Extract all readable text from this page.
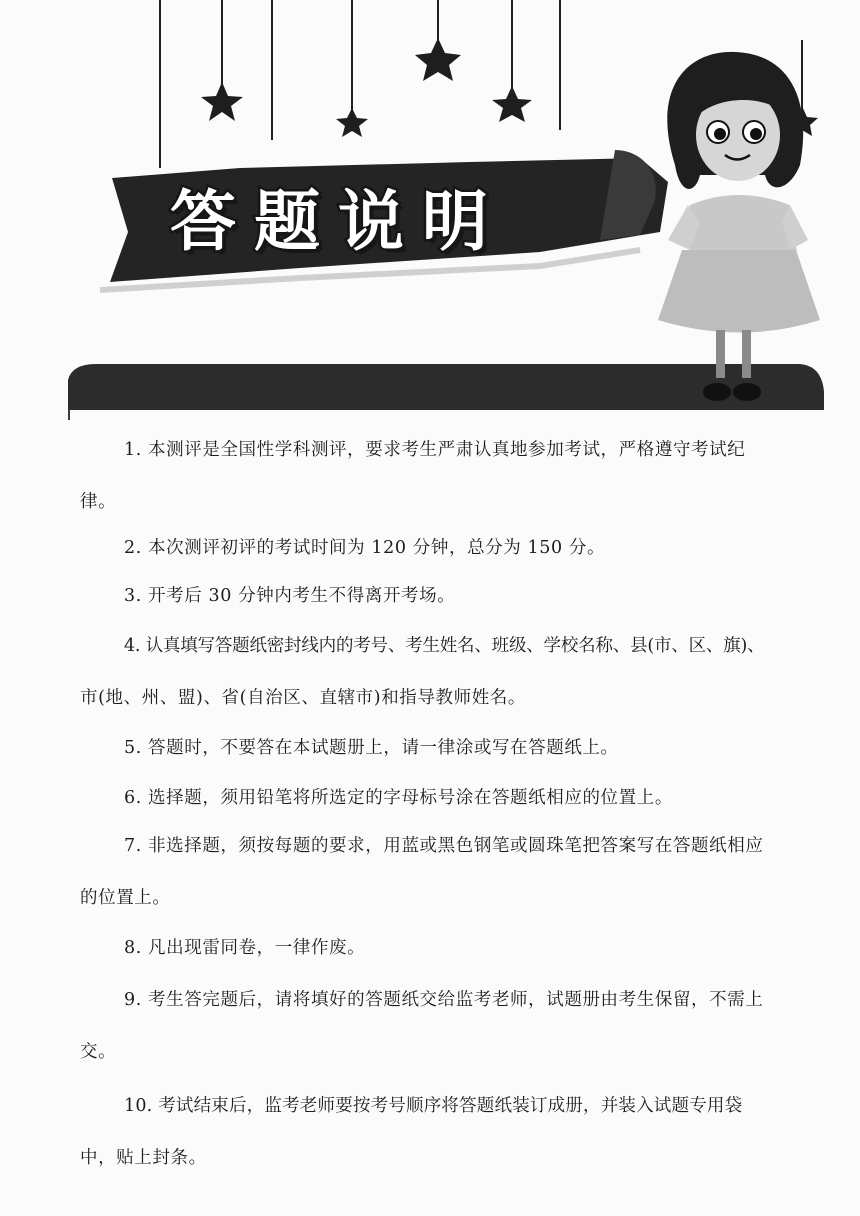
答题说明
1. 本测评是全国性学科测评，要求考生严肃认真地参加考试，严格遵守考试纪
律。
2. 本次测评初评的考试时间为 120 分钟，总分为 150 分。
3. 开考后 30 分钟内考生不得离开考场。
4. 认真填写答题纸密封线内的考号、考生姓名、班级、学校名称、县(市、区、旗)、
市(地、州、盟)、省(自治区、直辖市)和指导教师姓名。
5. 答题时，不要答在本试题册上，请一律涂或写在答题纸上。
6. 选择题，须用铅笔将所选定的字母标号涂在答题纸相应的位置上。
7. 非选择题，须按每题的要求，用蓝或黑色钢笔或圆珠笔把答案写在答题纸相应
的位置上。
8. 凡出现雷同卷，一律作废。
9. 考生答完题后，请将填好的答题纸交给监考老师，试题册由考生保留，不需上
交。
10. 考试结束后，监考老师要按考号顺序将答题纸装订成册，并装入试题专用袋
中，贴上封条。
